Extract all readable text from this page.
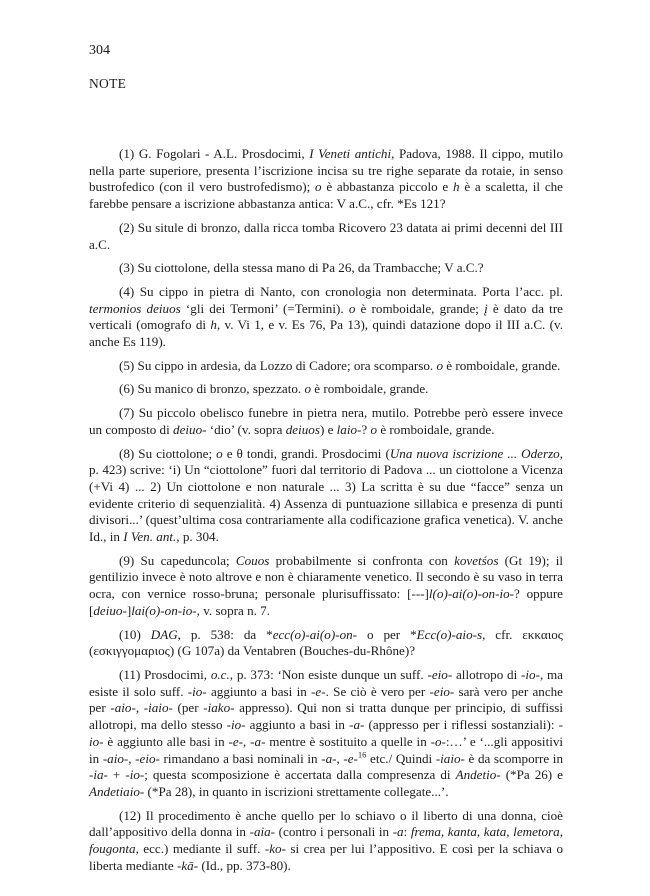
304
NOTE

(1) G. Fogolari - A.L. Prosdocimi, I Veneti antichi, Padova, 1988. Il cippo, mutilo nella parte superiore, presenta l’iscrizione incisa su tre righe separate da rotaie, in senso bustrofedico (con il vero bustrofedismo); o è abbastanza piccolo e h è a scaletta, il che farebbe pensare a iscrizione abbastanza antica: V a.C., cfr. *Es 121?

(2) Su situle di bronzo, dalla ricca tomba Ricovero 23 datata ai primi decenni del III a.C.

(3) Su ciottolone, della stessa mano di Pa 26, da Trambacche; V a.C.?

(4) Su cippo in pietra di Nanto, con cronologia non determinata. Porta l’acc. pl. termonios deiuos ‘gli dei Termoni’ (=Termini). o è romboidale, grande; į è dato da tre verticali (omografo di h, v. Vi 1, e v. Es 76, Pa 13), quindi datazione dopo il III a.C. (v. anche Es 119).

(5) Su cippo in ardesia, da Lozzo di Cadore; ora scomparso. o è romboidale, grande.

(6) Su manico di bronzo, spezzato. o è romboidale, grande.

(7) Su piccolo obelisco funebre in pietra nera, mutilo. Potrebbe però essere invece un composto di deiuo- ‘dio’ (v. sopra deiuos) e laio-? o è romboidale, grande.

(8) Su ciottolone; o e θ tondi, grandi. Prosdocimi (Una nuova iscrizione ... Oderzo, p. 423) scrive: ‘i) Un “ciottolone” fuori dal territorio di Padova ... un ciottolone a Vicenza (+Vi 4) ... 2) Un ciottolone e non naturale ... 3) La scritta è su due “facce” senza un evidente criterio di sequenzialità. 4) Assenza di puntuazione sillabica e presenza di punti divisori...’ (quest’ultima cosa contrariamente alla codificazione grafica venetica). V. anche Id., in I Ven. ant., p. 304.

(9) Su capeduncola; Couos probabilmente si confronta con kovetśos (Gt 19); il gentilizio invece è noto altrove e non è chiaramente venetico. Il secondo è su vaso in terra ocra, con vernice rosso-bruna; personale plurisuffissato: [---]l(o)-ai(o)-on-io-? oppure [deiuo-]lai(o)-on-io-, v. sopra n. 7.

(10) DAG, p. 538: da *ecc(o)-ai(o)-on- o per *Ecc(o)-aio-s, cfr. εκκαιος (εσκιγγομαριος) (G 107a) da Ventabren (Bouches-du-Rhône)?

(11) Prosdocimi, o.c., p. 373: ‘Non esiste dunque un suff. -eio- allotropo di -io-, ma esiste il solo suff. -io- aggiunto a basi in -e-. Se ciò è vero per -eio- sarà vero per anche per -aio-, -iaio- (per -iako- appresso). Qui non si tratta dunque per principio, di suffissi allotropi, ma dello stesso -io- aggiunto a basi in -a- (appresso per i riflessi sostanziali): -io- è aggiunto alle basi in -e-, -a- mentre è sostituito a quelle in -o-:…’ e ‘...gli appositivi in -aio-, -eio- rimandano a basi nominali in -a-, -e-$^{16}$ etc./ Quindi -iaio- è da scomporre in -ia- + -io-; questa scomposizione è accertata dalla compresenza di Andetio- (*Pa 26) e Andetiaio- (*Pa 28), in quanto in iscrizioni strettamente collegate...’.

(12) Il procedimento è anche quello per lo schiavo o il liberto di una donna, cioè dall’appositivo della donna in -aia- (contro i personali in -a: frema, kanta, kata, lemetora, fougonta, ecc.) mediante il suff. -ko- si crea per lui l’appositivo. E così per la schiava o liberta mediante -kā- (Id., pp. 373-80).
